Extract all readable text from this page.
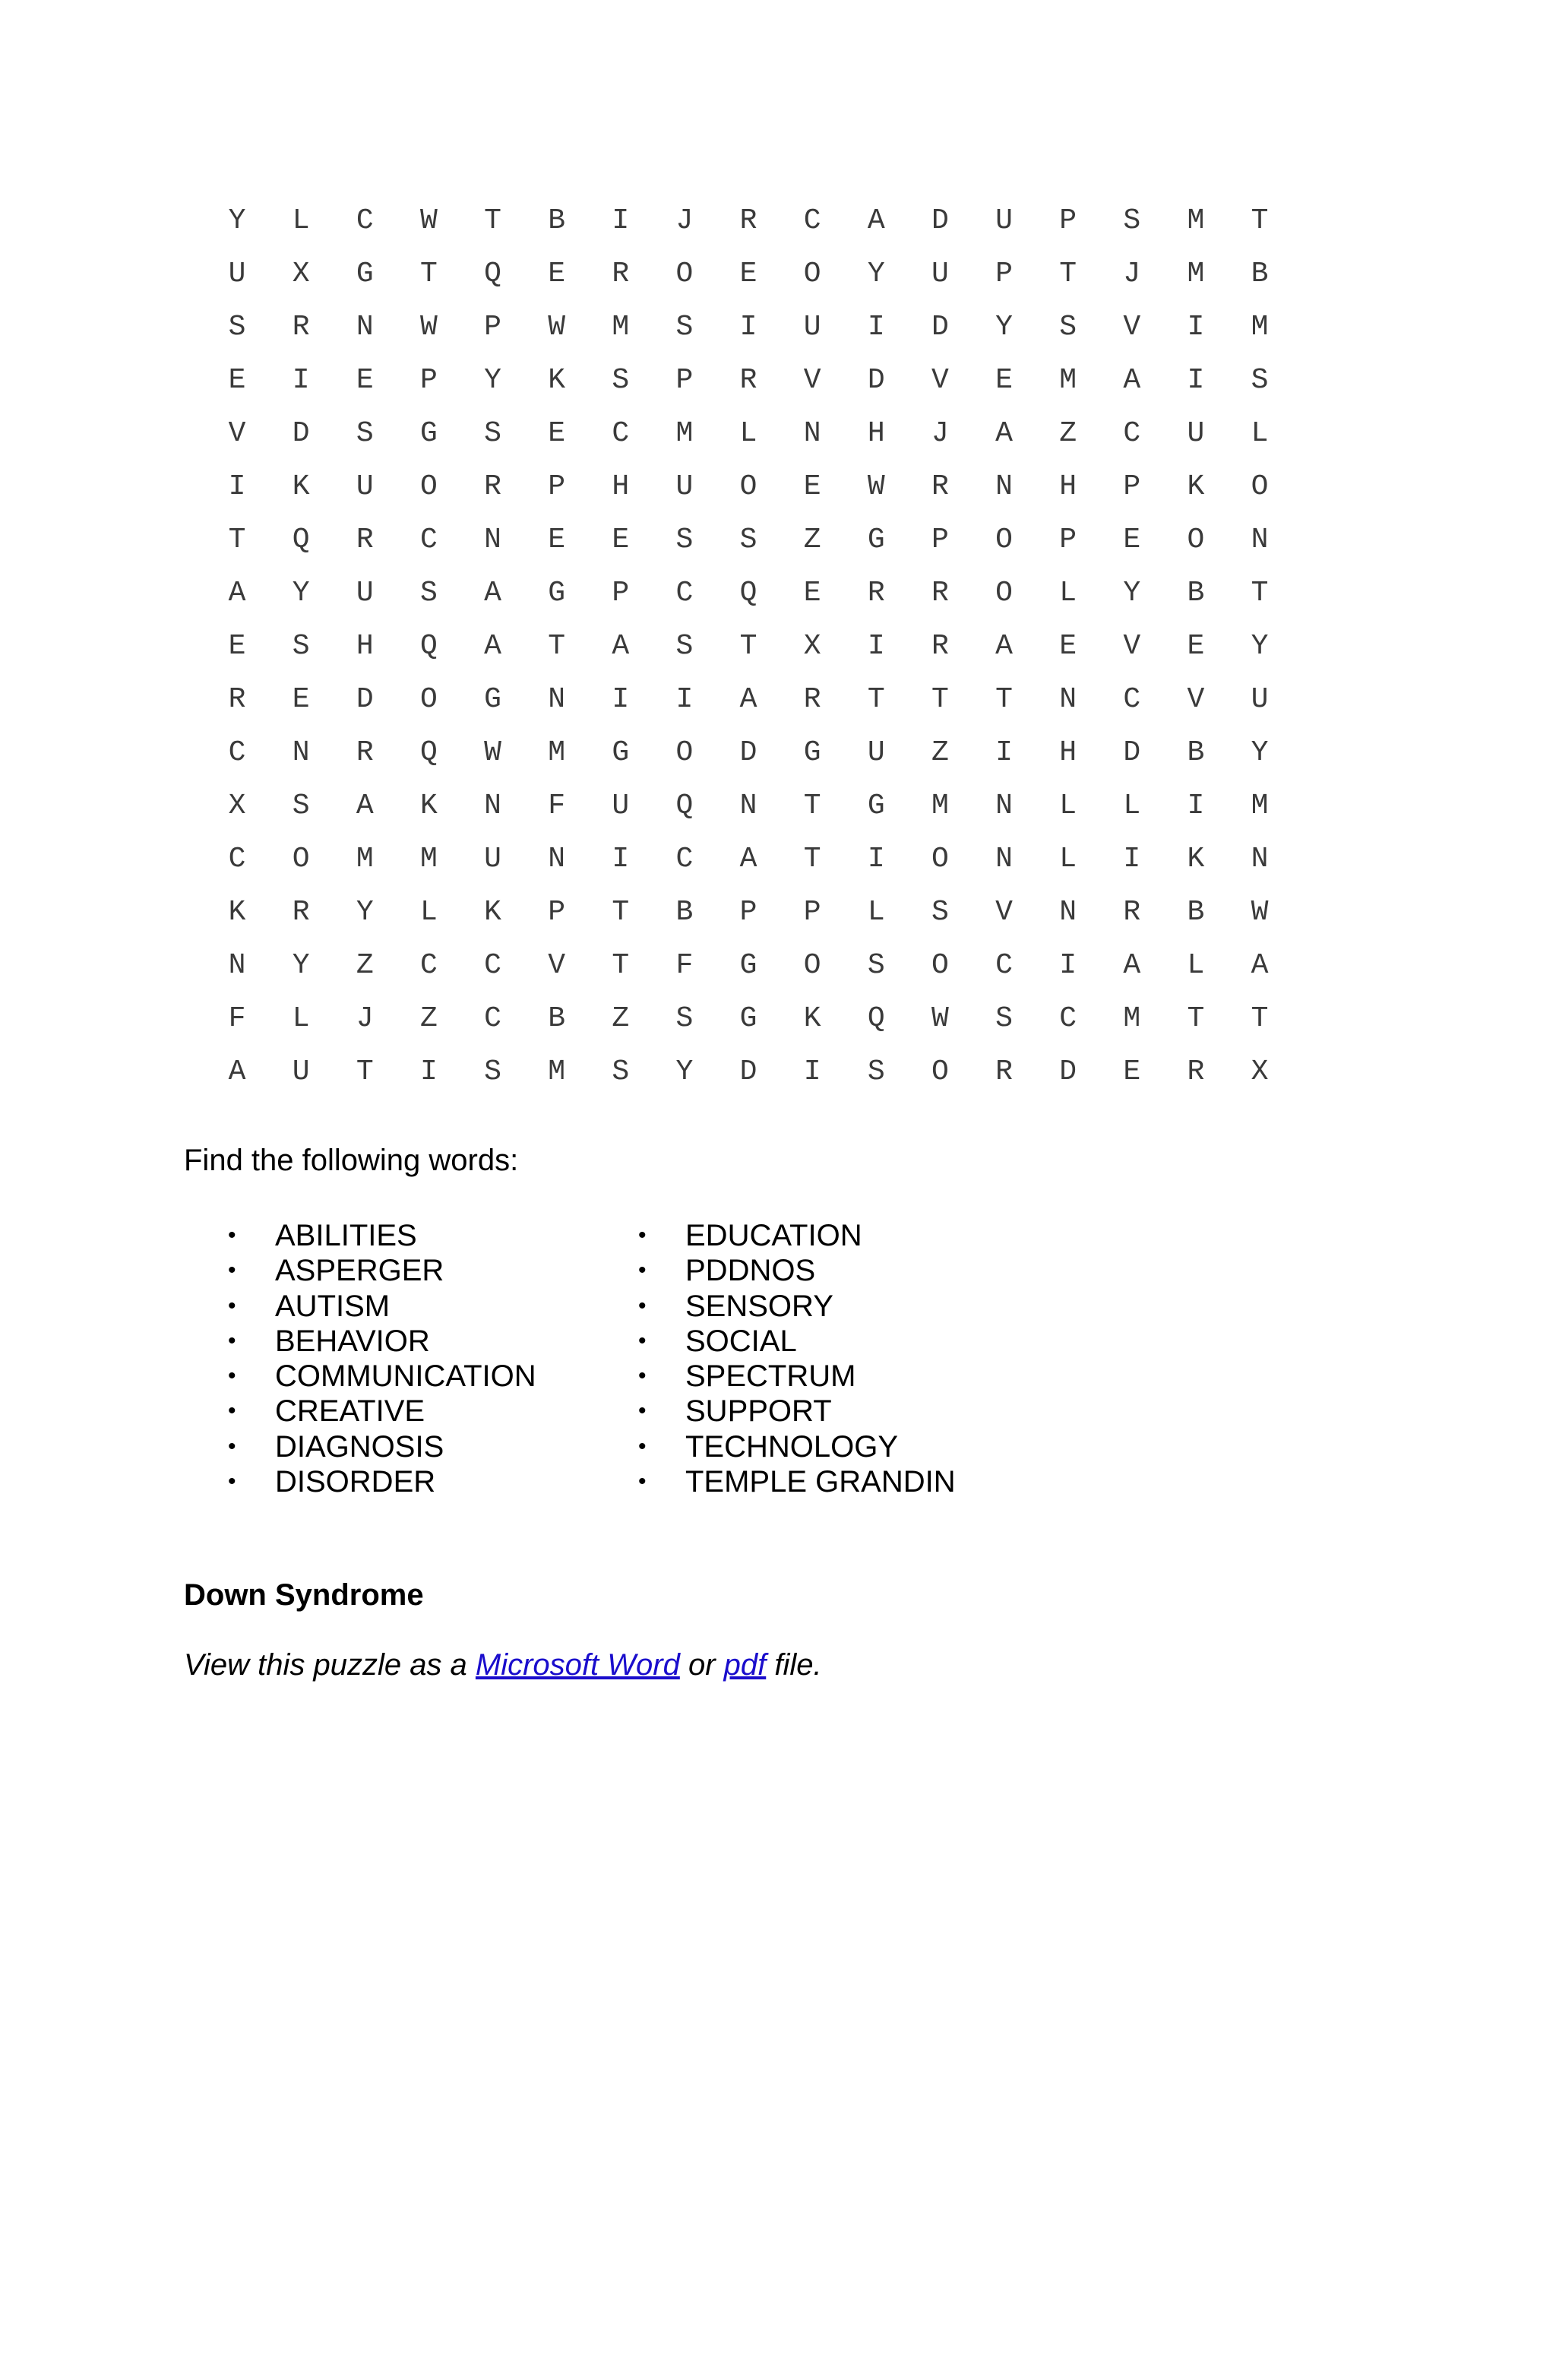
Y	L	C	W	T	B	I	J	R	C	A	D	U	P	S	M	T
U	X	G	T	Q	E	R	O	E	O	Y	U	P	T	J	M	B
S	R	N	W	P	W	M	S	I	U	I	D	Y	S	V	I	M
E	I	E	P	Y	K	S	P	R	V	D	V	E	M	A	I	S
V	D	S	G	S	E	C	M	L	N	H	J	A	Z	C	U	L
I	K	U	O	R	P	H	U	O	E	W	R	N	H	P	K	O
T	Q	R	C	N	E	E	S	S	Z	G	P	O	P	E	O	N
A	Y	U	S	A	G	P	C	Q	E	R	R	O	L	Y	B	T
E	S	H	Q	A	T	A	S	T	X	I	R	A	E	V	E	Y
R	E	D	O	G	N	I	I	A	R	T	T	T	N	C	V	U
C	N	R	Q	W	M	G	O	D	G	U	Z	I	H	D	B	Y
X	S	A	K	N	F	U	Q	N	T	G	M	N	L	L	I	M
C	O	M	M	U	N	I	C	A	T	I	O	N	L	I	K	N
K	R	Y	L	K	P	T	B	P	P	L	S	V	N	R	B	W
N	Y	Z	C	C	V	T	F	G	O	S	O	C	I	A	L	A
F	L	J	Z	C	B	Z	S	G	K	Q	W	S	C	M	T	T
A	U	T	I	S	M	S	Y	D	I	S	O	R	D	E	R	X
Find the following words:
• ABILITIES
• ASPERGER
• AUTISM
• BEHAVIOR
• COMMUNICATION
• CREATIVE
• DIAGNOSIS
• DISORDER
• EDUCATION
• PDDNOS
• SENSORY
• SOCIAL
• SPECTRUM
• SUPPORT
• TECHNOLOGY
• TEMPLE GRANDIN
Down Syndrome
View this puzzle as a Microsoft Word or pdf file.
